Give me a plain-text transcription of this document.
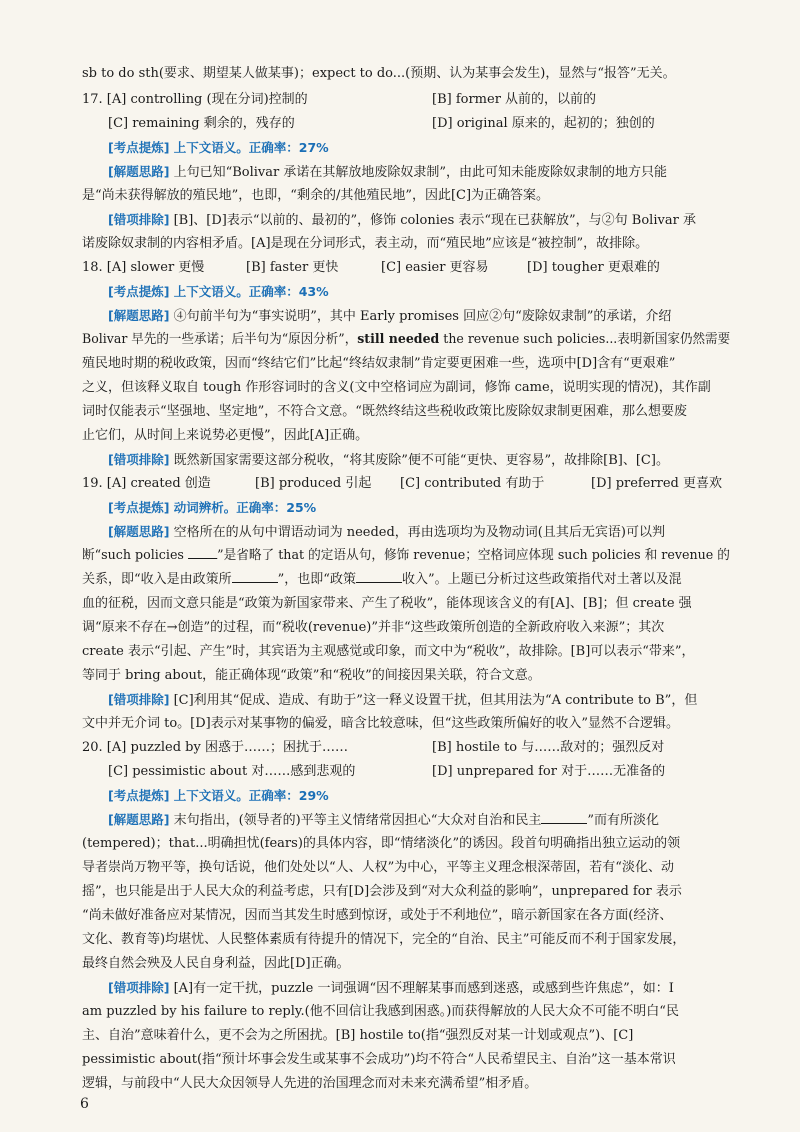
sb to do sth(要求、期望某人做某事)；expect to do...(预期、认为某事会发生)，显然与“报答”无关。
17. [A] controlling (现在分词)控制的	[B] former 从前的，以前的
[C] remaining 剩余的，残存的	[D] original 原来的，起初的；独创的
[考点提炼] 上下文语义。正确率：27%
[解题思路] 上句已知“Bolivar 承诺在其解放地废除奴隶制”，由此可知未能废除奴隶制的地方只能
是“尚未获得解放的殖民地”，也即，“剩余的/其他殖民地”，因此[C]为正确答案。
[错项排除] [B]、[D]表示“以前的、最初的”，修饰 colonies 表示“现在已获解放”，与②句 Bolivar 承
诺废除奴隶制的内容相矛盾。[A]是现在分词形式，表主动，而“殖民地”应该是“被控制”，故排除。
18. [A] slower 更慢	[B] faster 更快	[C] easier 更容易	[D] tougher 更艰难的
[考点提炼] 上下文语义。正确率：43%
[解题思路] ④句前半句为“事实说明”，其中 Early promises 回应②句“废除奴隶制”的承诺，介绍
Bolivar 早先的一些承诺；后半句为“原因分析”，still needed the revenue such policies...表明新国家仍然需要
殖民地时期的税收政策，因而“终结它们”比起“终结奴隶制”肯定要更困难一些，选项中[D]含有“更艰难”
之义，但该释义取自 tough 作形容词时的含义(文中空格词应为副词，修饰 came，说明实现的情况)，其作副
词时仅能表示“坚强地、坚定地”，不符合文意。“既然终结这些税收政策比废除奴隶制更困难，那么想要废
止它们，从时间上来说势必更慢”，因此[A]正确。
[错项排除] 既然新国家需要这部分税收，“将其废除”便不可能“更快、更容易”，故排除[B]、[C]。
19. [A] created 创造	[B] produced 引起 [C] contributed 有助于	[D] preferred 更喜欢
[考点提炼] 动词辨析。正确率：25%
[解题思路] 空格所在的从句中谓语动词为 needed，再由选项均为及物动词(且其后无宾语)可以判
断“such policies ”是省略了 that 的定语从句，修饰 revenue；空格词应体现 such policies 和 revenue 的
关系，即“收入是由政策所	”，也即“政策	收入”。上题已分析过这些政策指代对土著以及混
血的征税，因而文意只能是“政策为新国家带来、产生了税收”，能体现该含义的有[A]、[B]；但 create 强
调“原来不存在→创造”的过程，而“税收(revenue)”并非“这些政策所创造的全新政府收入来源”；其次
create 表示“引起、产生”时，其宾语为主观感觉或印象，而文中为“税收”，故排除。[B]可以表示“带来”，
等同于 bring about，能正确体现“政策”和“税收”的间接因果关联，符合文意。
[错项排除] [C]利用其“促成、造成、有助于”这一释义设置干扰，但其用法为“A contribute to B”，但
文中并无介词 to。[D]表示对某事物的偏爱，暗含比较意味，但“这些政策所偏好的收入”显然不合逻辑。
20. [A] puzzled by 困惑于……；困扰于……	[B] hostile to 与……敌对的；强烈反对
[C] pessimistic about 对……感到悲观的	[D] unprepared for 对于……无准备的
[考点提炼] 上下文语义。正确率：29%
[解题思路] 末句指出，(领导者的)平等主义情绪常因担心“大众对自治和民主	”而有所淡化
(tempered)；that...明确担忧(fears)的具体内容，即“情绪淡化”的诱因。段首句明确指出独立运动的领
导者崇尚万物平等，换句话说，他们处处以“人、人权”为中心，平等主义理念根深蒂固，若有“淡化、动
摇”，也只能是出于人民大众的利益考虑，只有[D]会涉及到“对大众利益的影响”，unprepared for 表示
“尚未做好准备应对某情况，因而当其发生时感到惊讶，或处于不利地位”，暗示新国家在各方面(经济、
文化、教育等)均堪忧、人民整体素质有待提升的情况下，完全的“自治、民主”可能反而不利于国家发展，
最终自然会殃及人民自身利益，因此[D]正确。
[错项排除] [A]有一定干扰，puzzle 一词强调“因不理解某事而感到迷惑，或感到些许焦虑”，如：I
am puzzled by his failure to reply.(他不回信让我感到困惑。)而获得解放的人民大众不可能不明白“民
主、自治”意味着什么，更不会为之所困扰。[B] hostile to(指“强烈反对某一计划或观点”)、[C]
pessimistic about(指“预计坏事会发生或某事不会成功”)均不符合“人民希望民主、自治”这一基本常识
逻辑，与前段中“人民大众因领导人先进的治国理念而对未来充满希望”相矛盾。
6
